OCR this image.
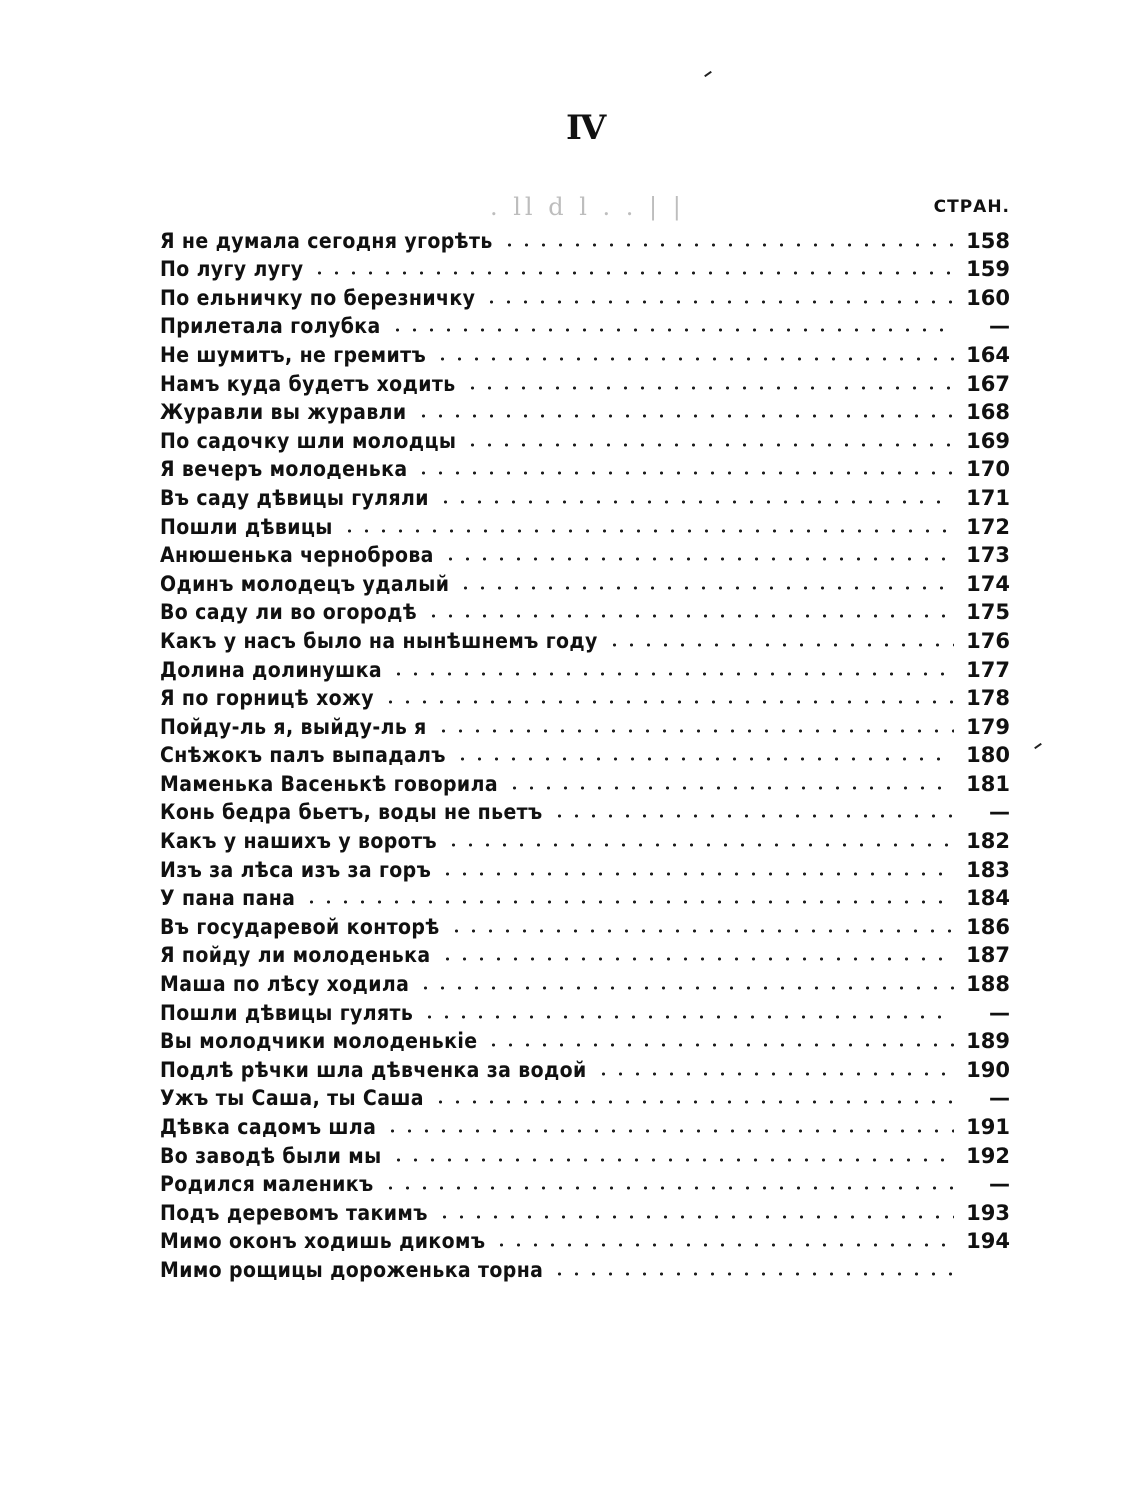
IV
. ll d l . . | |	СТРАН.
Я не думала сегодня угорѣть	158
По лугу лугу	159
По ельничку по березничку	160
Прилетала голубка	—
Не шумитъ, не гремитъ	164
Намъ куда будетъ ходить	167
Журавли вы журавли	168
По садочку шли молодцы	169
Я вечеръ молоденька	170
Въ саду дѣвицы гуляли	171
Пошли дѣвицы	172
Анюшенька черноброва	173
Одинъ молодецъ удалый	174
Во саду ли во огородѣ	175
Какъ у насъ было на нынѣшнемъ году	176
Долина долинушка	177
Я по горницѣ хожу	178
Пойду-ль я, выйду-ль я	179
Снѣжокъ палъ выпадалъ	180
Маменька Васенькѣ говорила	181
Конь бедра бьетъ, воды не пьетъ	—
Какъ у нашихъ у воротъ	182
Изъ за лѣса изъ за горъ	183
У пана пана	184
Въ государевой конторѣ	186
Я пойду ли молоденька	187
Маша по лѣсу ходила	188
Пошли дѣвицы гулять	—
Вы молодчики молоденькіе	189
Подлѣ рѣчки шла дѣвченка за водой	190
Ужъ ты Саша, ты Саша	—
Дѣвка садомъ шла	191
Во заводѣ были мы	192
Родился маленикъ	—
Подъ деревомъ такимъ	193
Мимо оконъ ходишь дикомъ	194
Мимо рощицы дороженька торна
